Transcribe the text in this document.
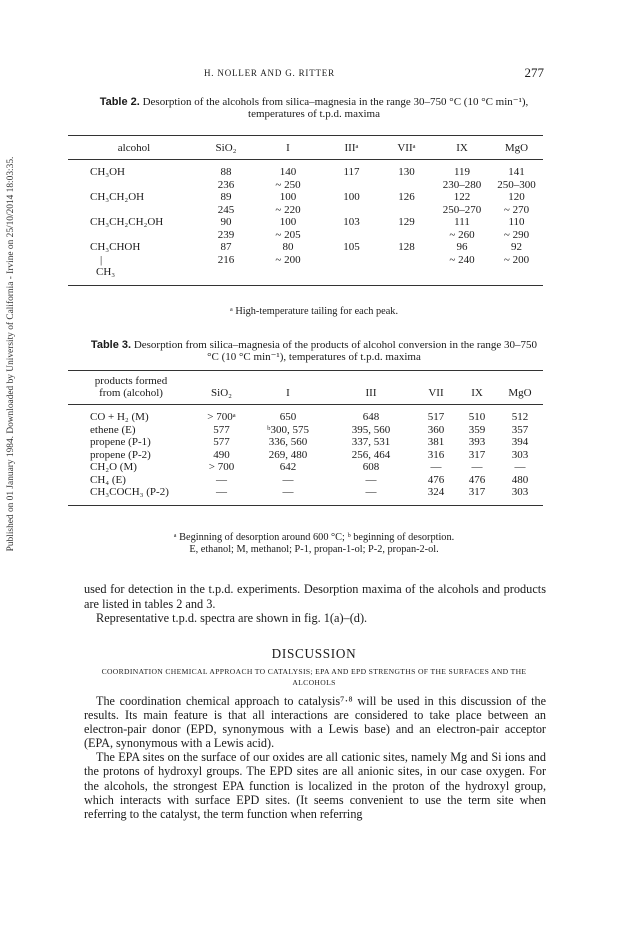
Published on 01 January 1984. Downloaded by University of California - Irvine on 25/10/2014 18:03:35.
H. NOLLER AND G. RITTER	277
Table 2. Desorption of the alcohols from silica–magnesia in the range 30–750 °C (10 °C min⁻¹), temperatures of t.p.d. maxima

alcohol	SiO₂	I	IIIᵃ	VIIᵃ	IX	MgO

CH₃OH	88	140	117	130	119	141
	236	~ 250			230–280	250–300
CH₃CH₂OH	89	100	100	126	122	120
	245	~ 220			250–270	~ 270
CH₃CH₂CH₂OH	90	100	103	129	111	110
	239	~ 205			~ 260	~ 290
CH₃CHOH	87	80	105	128	96	92
|	216	~ 200			~ 240	~ 200
CH₃						

ᵃ High-temperature tailing for each peak.
Table 3. Desorption from silica–magnesia of the products of alcohol conversion in the range 30–750 °C (10 °C min⁻¹), temperatures of t.p.d. maxima

products formed						
from (alcohol)	SiO₂	I	III	VII	IX	MgO

CO + H₂ (M)	> 700ᵃ	650	648	517	510	512
ethene (E)	577	ᵇ300, 575	395, 560	360	359	357
propene (P-1)	577	336, 560	337, 531	381	393	394
propene (P-2)	490	269, 480	256, 464	316	317	303
CH₂O (M)	> 700	642	608	—	—	—
CH₄ (E)	—	—	—	476	476	480
CH₃COCH₃ (P-2)	—	—	—	324	317	303

ᵃ Beginning of desorption around 600 °C; ᵇ beginning of desorption.
E, ethanol; M, methanol; P-1, propan-1-ol; P-2, propan-2-ol.

used for detection in the t.p.d. experiments. Desorption maxima of the alcohols and products are listed in tables 2 and 3.

Representative t.p.d. spectra are shown in fig. 1(a)–(d).

DISCUSSION
COORDINATION CHEMICAL APPROACH TO CATALYSIS; EPA AND EPD STRENGTHS OF THE SURFACES AND THE ALCOHOLS

The coordination chemical approach to catalysis⁷·⁸ will be used in this discussion of the results. Its main feature is that all interactions are considered to take place between an electron-pair donor (EPD, synonymous with a Lewis base) and an electron-pair acceptor (EPA, synonymous with a Lewis acid).

The EPA sites on the surface of our oxides are all cationic sites, namely Mg and Si ions and the protons of hydroxyl groups. The EPD sites are all anionic sites, in our case oxygen. For the alcohols, the strongest EPA function is localized in the proton of the hydroxyl group, which interacts with surface EPD sites. (It seems convenient to use the term site when referring to the catalyst, the term function when referring
